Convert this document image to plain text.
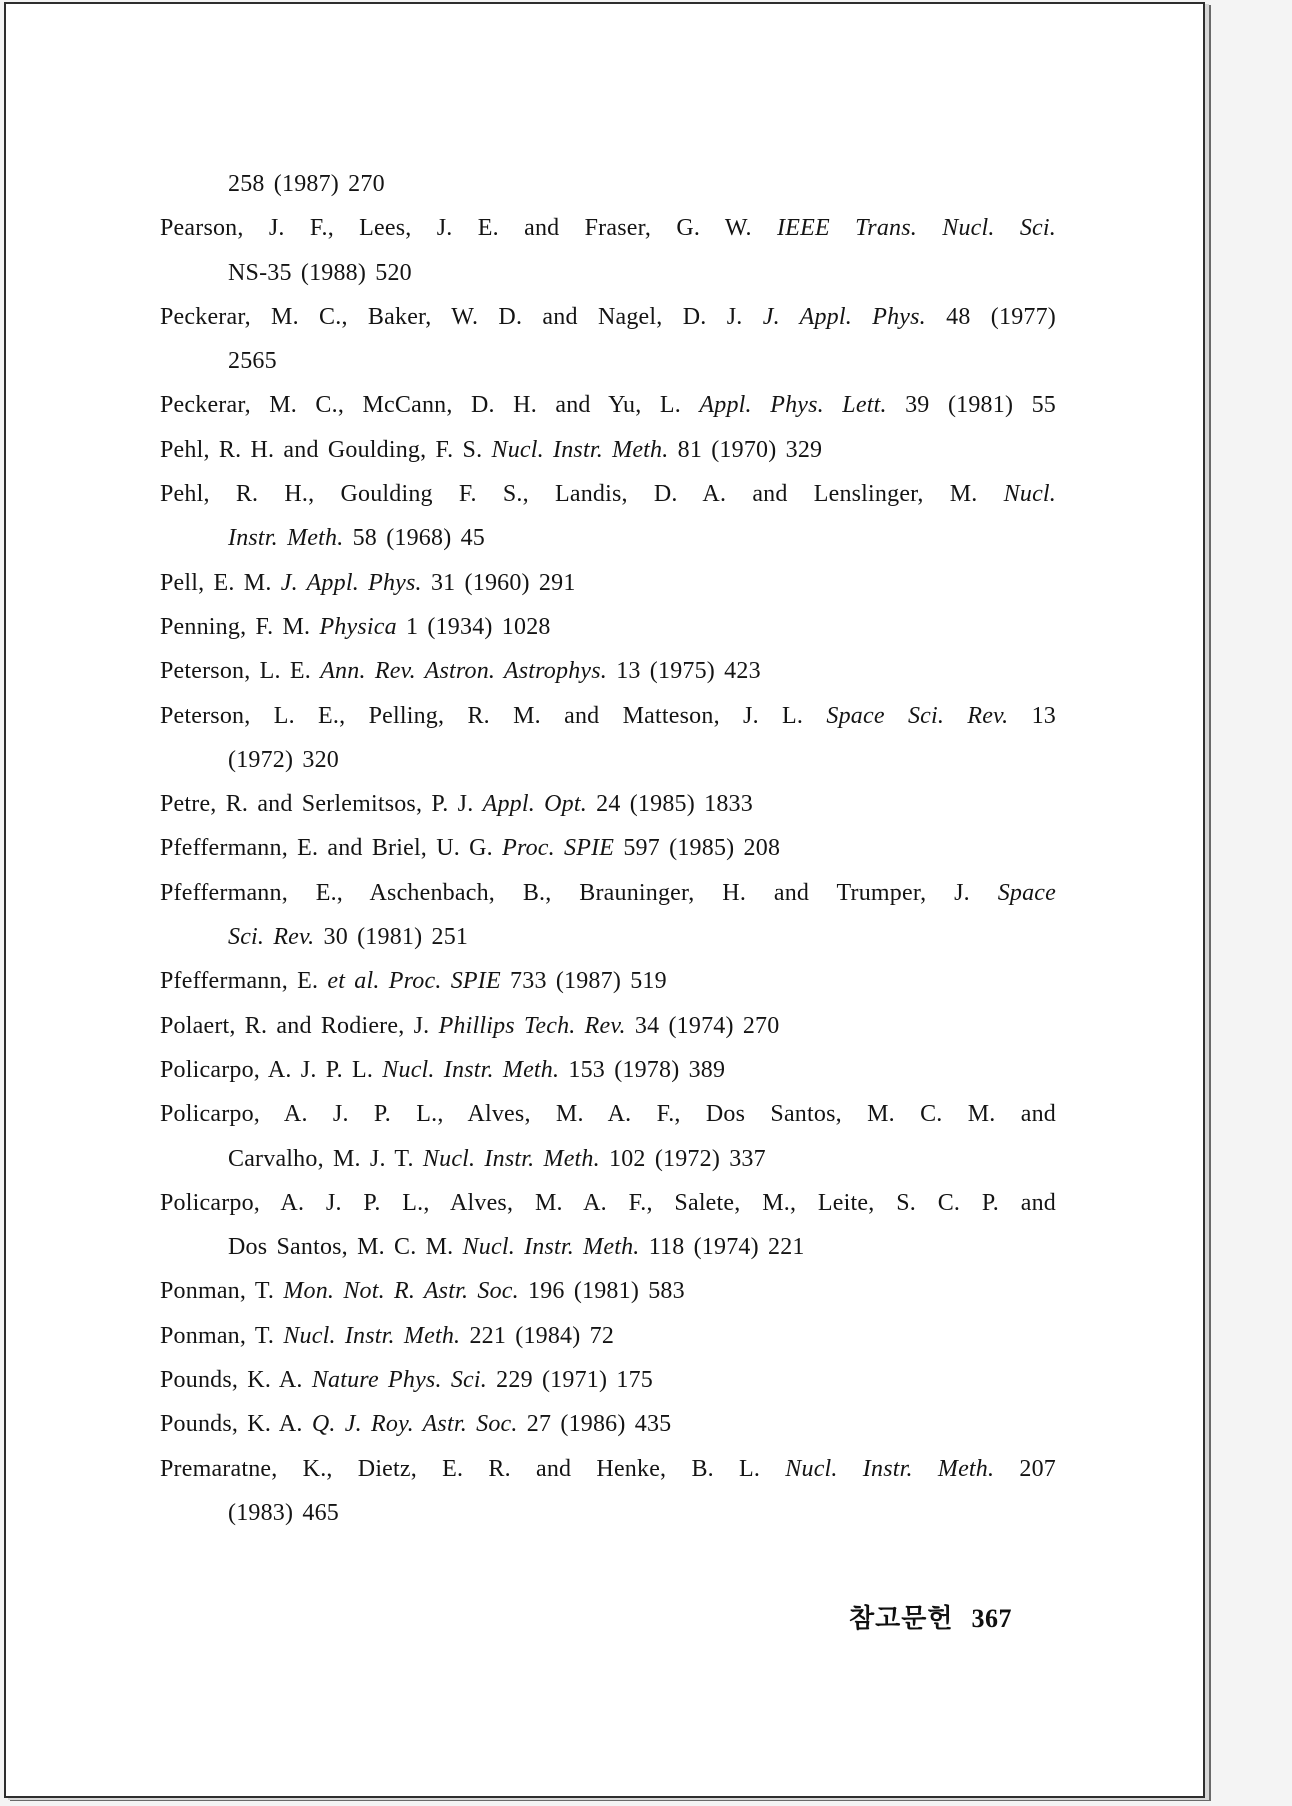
258 (1987) 270
Pearson, J. F., Lees, J. E. and Fraser, G. W. IEEE Trans. Nucl. Sci.
NS-35 (1988) 520
Peckerar, M. C., Baker, W. D. and Nagel, D. J. J. Appl. Phys. 48 (1977)
2565
Peckerar, M. C., McCann, D. H. and Yu, L. Appl. Phys. Lett. 39 (1981) 55
Pehl, R. H. and Goulding, F. S. Nucl. Instr. Meth. 81 (1970) 329
Pehl, R. H., Goulding F. S., Landis, D. A. and Lenslinger, M. Nucl.
Instr. Meth. 58 (1968) 45
Pell, E. M. J. Appl. Phys. 31 (1960) 291
Penning, F. M. Physica 1 (1934) 1028
Peterson, L. E. Ann. Rev. Astron. Astrophys. 13 (1975) 423
Peterson, L. E., Pelling, R. M. and Matteson, J. L. Space Sci. Rev. 13
(1972) 320
Petre, R. and Serlemitsos, P. J. Appl. Opt. 24 (1985) 1833
Pfeffermann, E. and Briel, U. G. Proc. SPIE 597 (1985) 208
Pfeffermann, E., Aschenbach, B., Brauninger, H. and Trumper, J. Space
Sci. Rev. 30 (1981) 251
Pfeffermann, E. et al. Proc. SPIE 733 (1987) 519
Polaert, R. and Rodiere, J. Phillips Tech. Rev. 34 (1974) 270
Policarpo, A. J. P. L. Nucl. Instr. Meth. 153 (1978) 389
Policarpo, A. J. P. L., Alves, M. A. F., Dos Santos, M. C. M. and
Carvalho, M. J. T. Nucl. Instr. Meth. 102 (1972) 337
Policarpo, A. J. P. L., Alves, M. A. F., Salete, M., Leite, S. C. P. and
Dos Santos, M. C. M. Nucl. Instr. Meth. 118 (1974) 221
Ponman, T. Mon. Not. R. Astr. Soc. 196 (1981) 583
Ponman, T. Nucl. Instr. Meth. 221 (1984) 72
Pounds, K. A. Nature Phys. Sci. 229 (1971) 175
Pounds, K. A. Q. J. Roy. Astr. Soc. 27 (1986) 435
Premaratne, K., Dietz, E. R. and Henke, B. L. Nucl. Instr. Meth. 207
(1983) 465
참고문헌 367
